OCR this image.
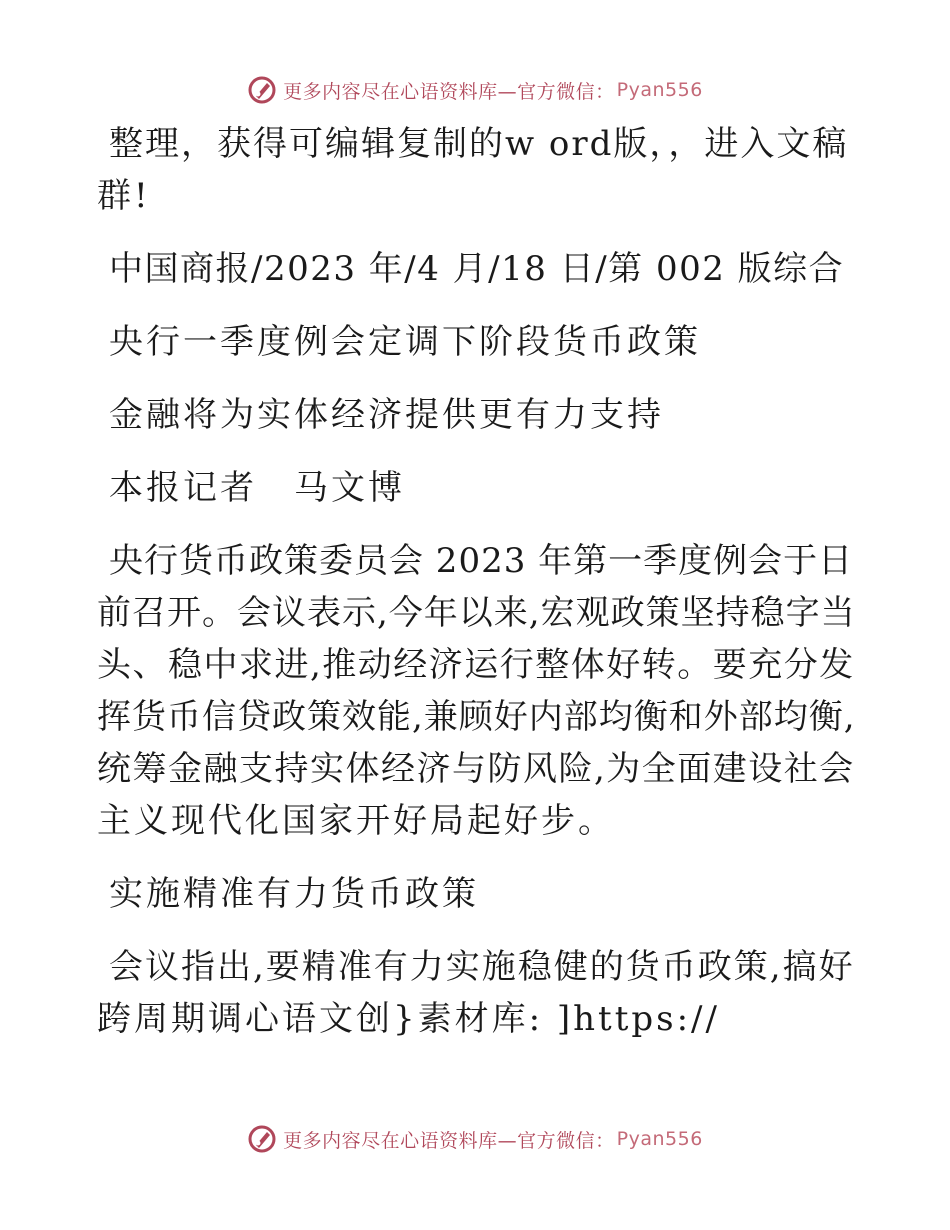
更多内容尽在心语资料库—官方微信： Pyan556
整理，获得可编辑复制的w ord版，，进入文稿
群!
中国商报/2023 年/4 月/18 日/第 002 版综合
央行一季度例会定调下阶段货币政策
金融将为实体经济提供更有力支持
本报记者　马文博
央行货币政策委员会 2023 年第一季度例会于日
前召开。会议表示,今年以来,宏观政策坚持稳字当
头、稳中求进,推动经济运行整体好转。要充分发
挥货币信贷政策效能,兼顾好内部均衡和外部均衡,
统筹金融支持实体经济与防风险,为全面建设社会
主义现代化国家开好局起好步。
实施精准有力货币政策
会议指出,要精准有力实施稳健的货币政策,搞好
跨周期调心语文创}素材库: ]https://
更多内容尽在心语资料库—官方微信： Pyan556
